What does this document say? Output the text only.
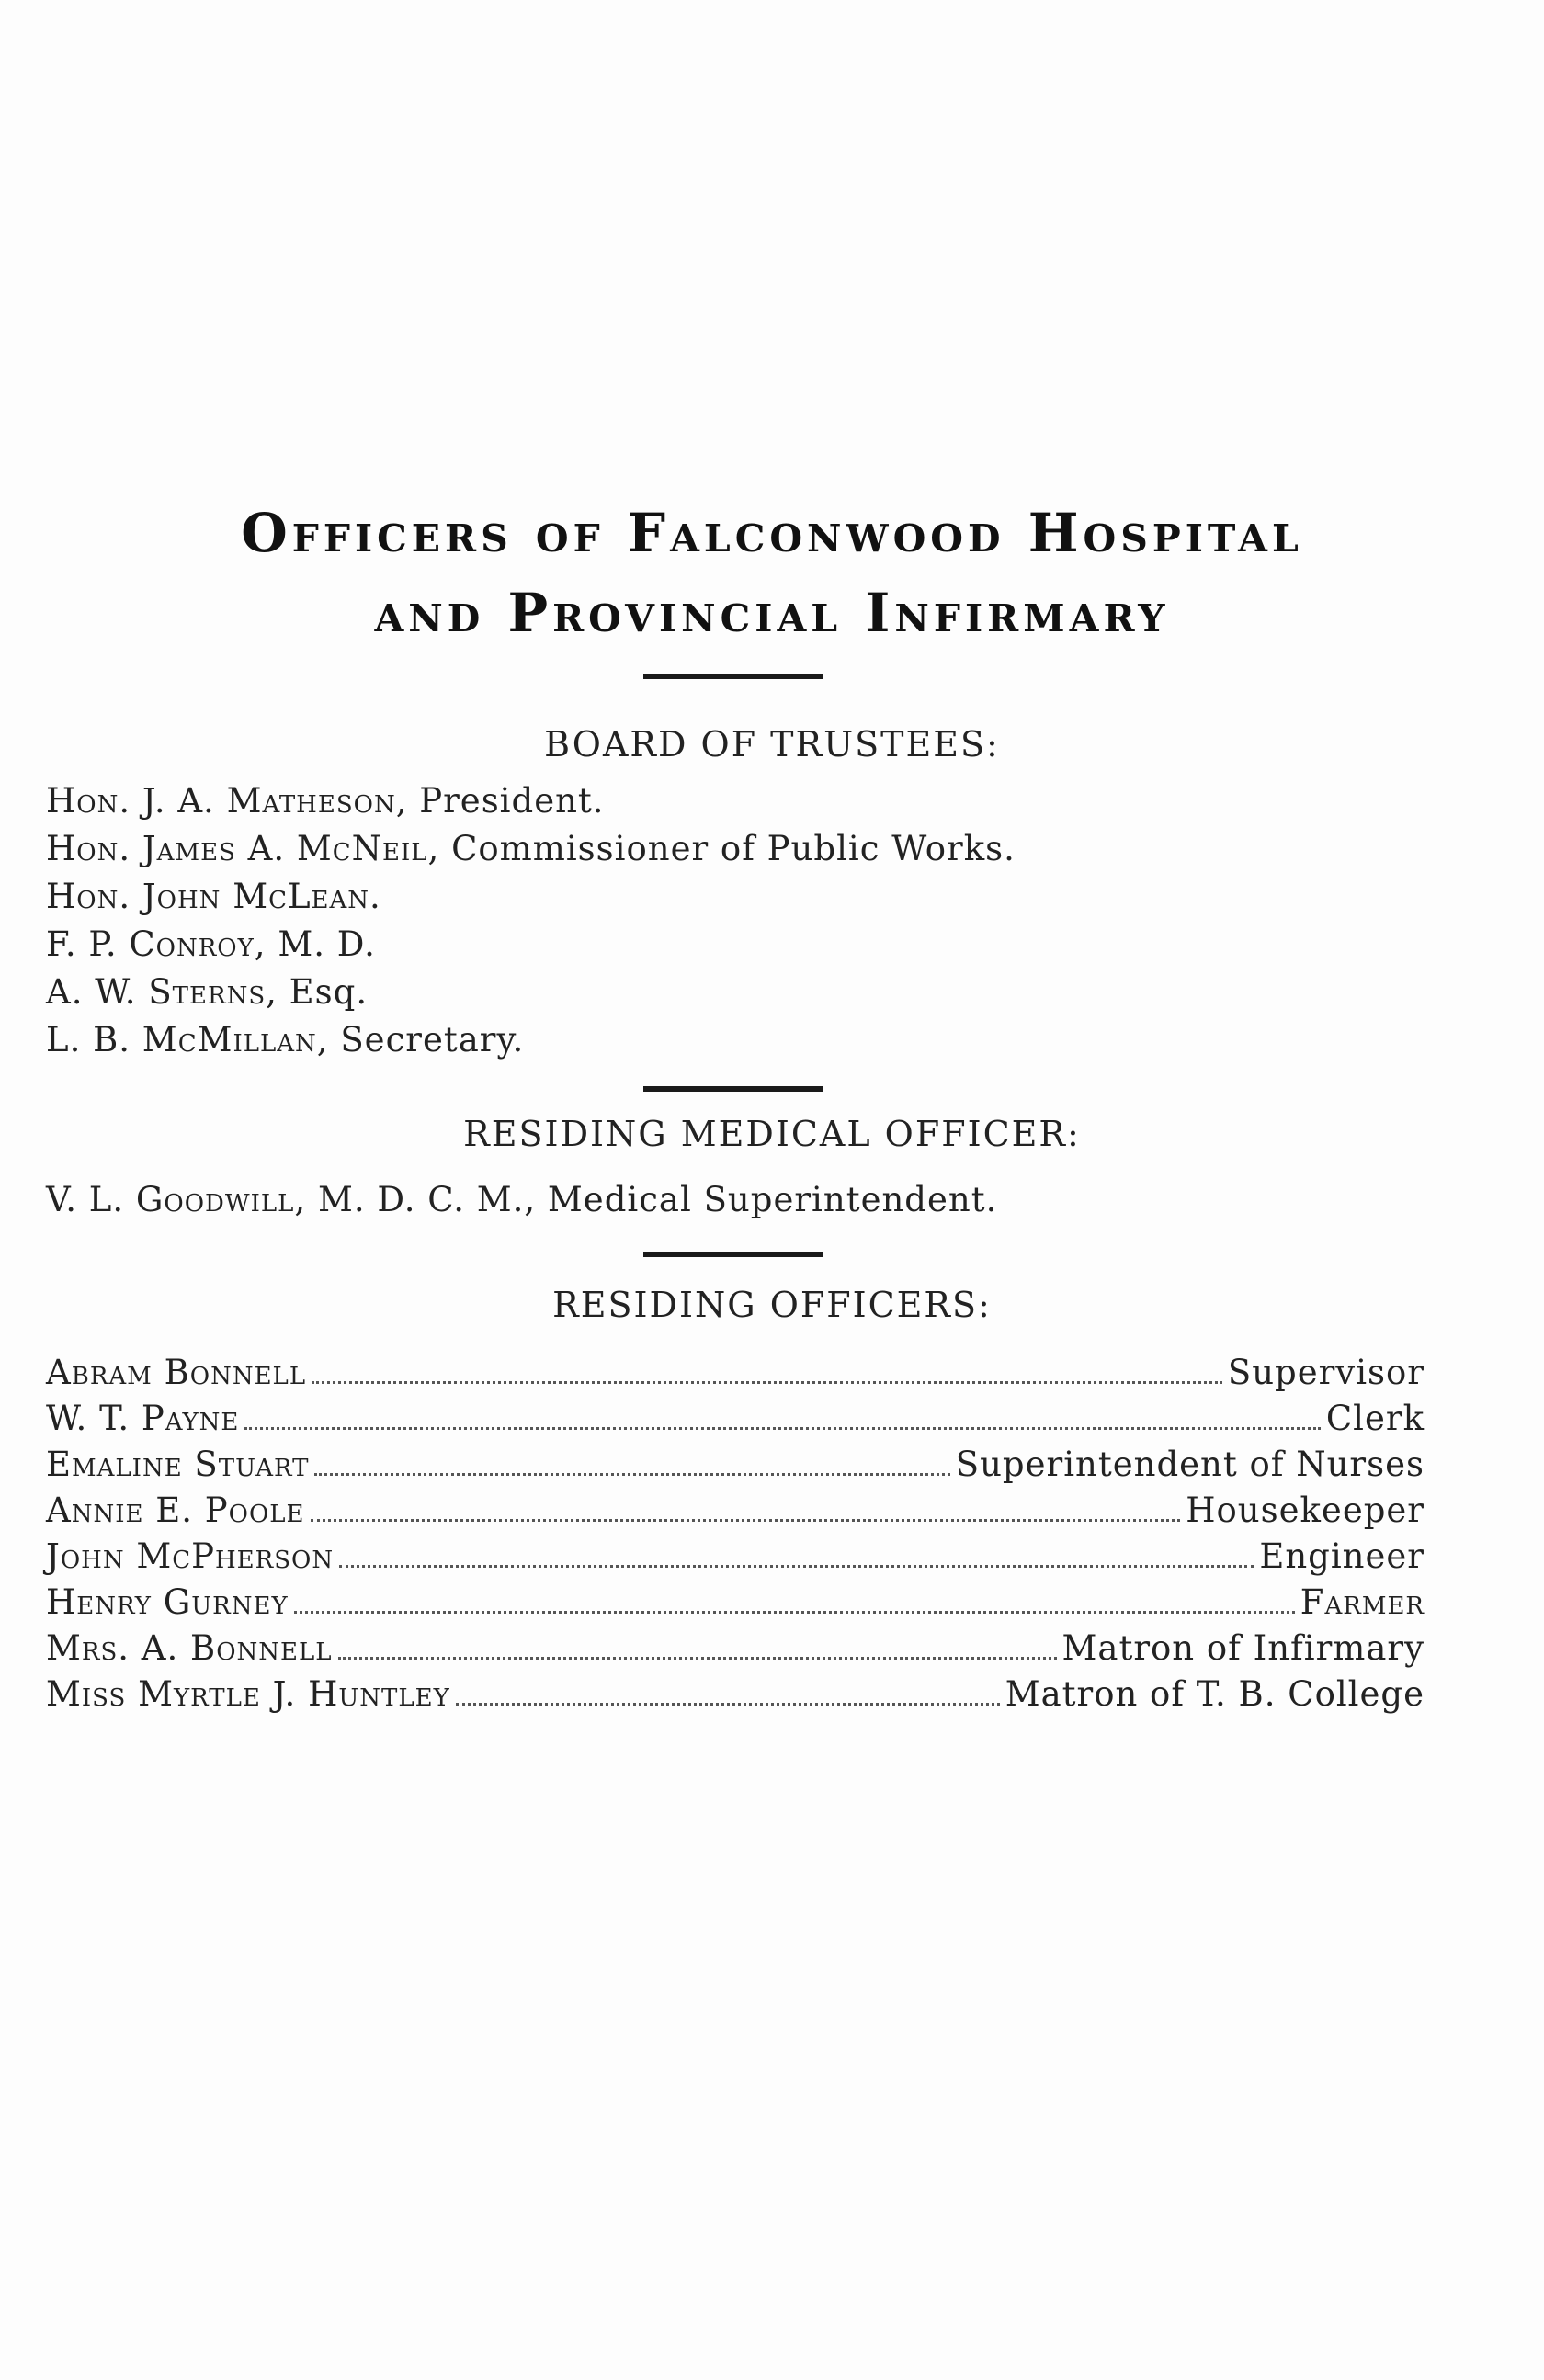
Officers of Falconwood Hospital
and Provincial Infirmary
BOARD OF TRUSTEES:
Hon. J. A. Matheson, President.
Hon. James A. McNeil, Commissioner of Public Works.
Hon. John McLean.
F. P. Conroy, M. D.
A. W. Sterns, Esq.
L. B. McMillan, Secretary.
RESIDING MEDICAL OFFICER:
V. L. Goodwill, M. D. C. M., Medical Superintendent.
RESIDING OFFICERS:
Abram Bonnell	Supervisor
W. T. Payne	Clerk
Emaline Stuart	Superintendent of Nurses
Annie E. Poole	Housekeeper
John McPherson	Engineer
Henry Gurney	Farmer
Mrs. A. Bonnell	Matron of Infirmary
Miss Myrtle J. Huntley	Matron of T. B. College
